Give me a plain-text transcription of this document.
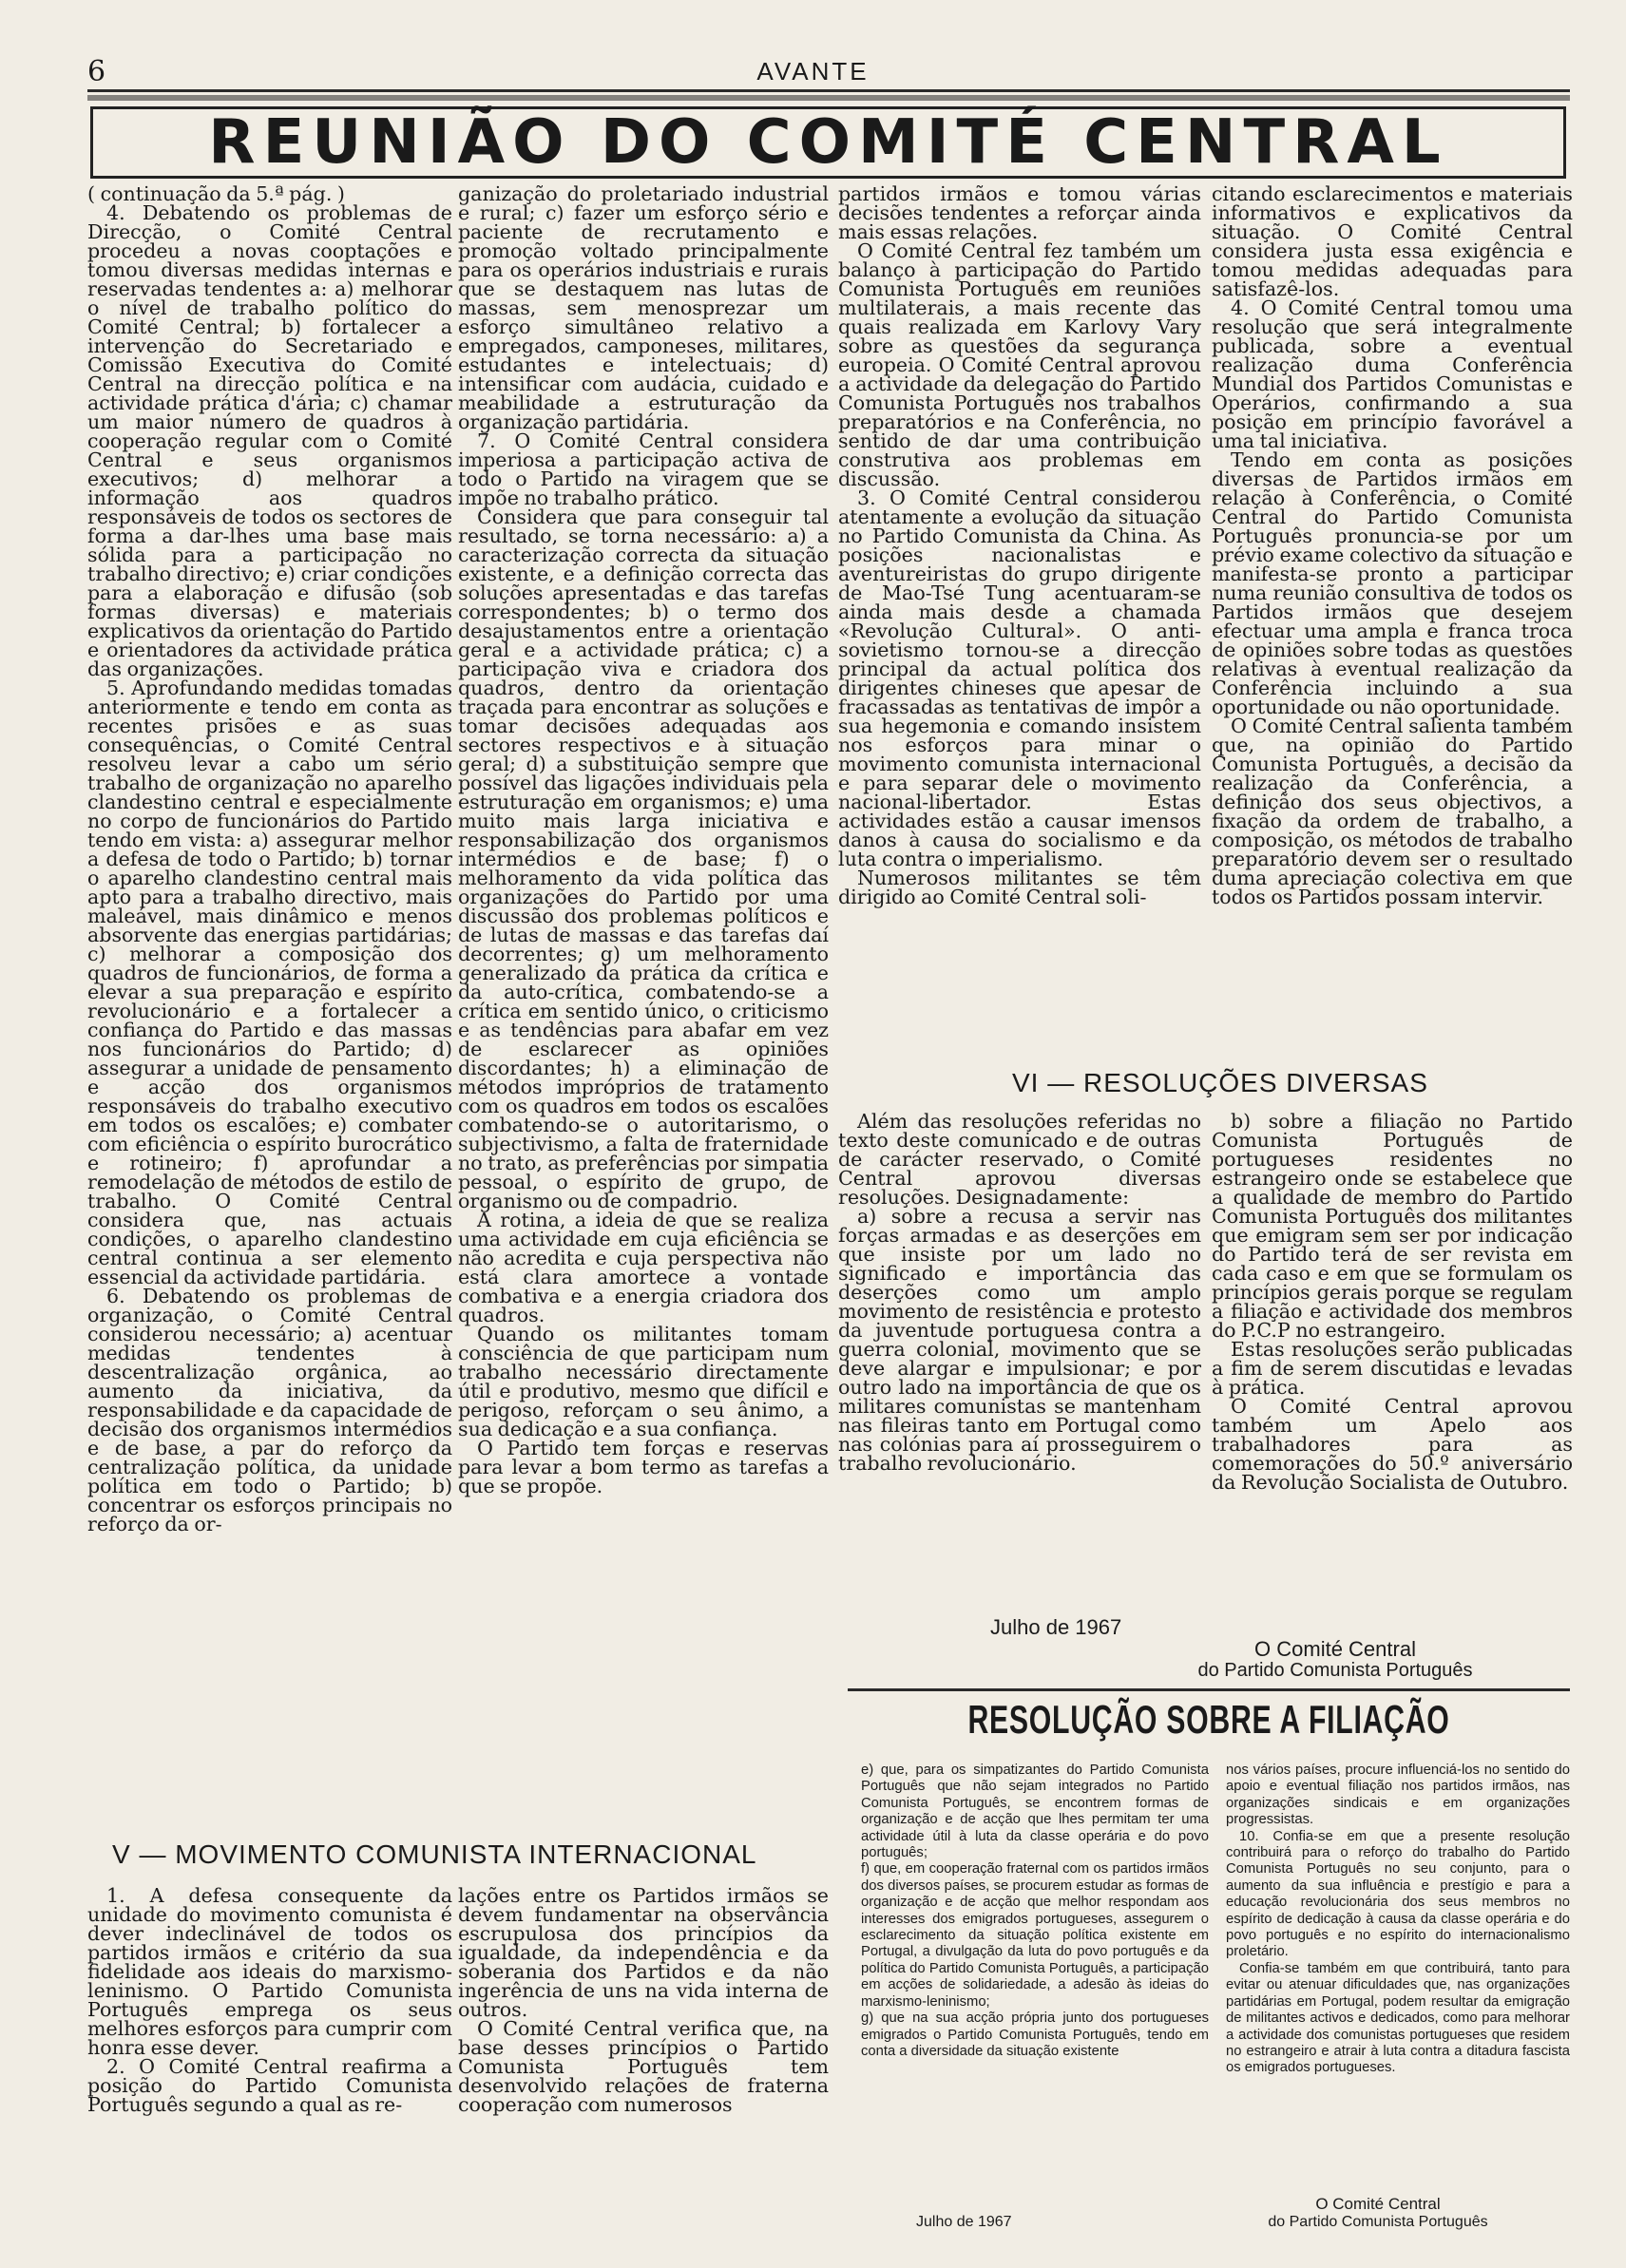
6	AVANTE
REUNIÃO DO COMITÉ CENTRAL

( continuação da 5.ª pág. )

4. Debatendo os problemas de Direcção, o Comité Central procedeu a novas cooptações e tomou diversas medidas internas e reservadas tendentes a: a) melhorar o nível de trabalho político do Comité Central; b) fortalecer a intervenção do Secretariado e Comissão Executiva do Comité Central na direcção política e na actividade prática d'ária; c) chamar um maior número de quadros à cooperação regular com o Comité Central e seus organismos executivos; d) melhorar a informação aos quadros responsáveis de todos os sectores de forma a dar-lhes uma base mais sólida para a participação no trabalho directivo; e) criar condições para a elaboração e difusão (sob formas diversas) e materiais explicativos da orientação do Partido e orientadores da actividade prática das organizações.

5. Aprofundando medidas tomadas anteriormente e tendo em conta as recentes prisões e as suas consequências, o Comité Central resolveu levar a cabo um sério trabalho de organização no aparelho clandestino central e especialmente no corpo de funcionários do Partido tendo em vista: a) assegurar melhor a defesa de todo o Partido; b) tornar o aparelho clandestino central mais apto para a trabalho directivo, mais maleável, mais dinâmico e menos absorvente das energias partidárias; c) melhorar a composição dos quadros de funcionários, de forma a elevar a sua preparação e espírito revolucionário e a fortalecer a confiança do Partido e das massas nos funcionários do Partido; d) assegurar a unidade de pensamento e acção dos organismos responsáveis do trabalho executivo em todos os escalões; e) combater com eficiência o espírito burocrático e rotineiro; f) aprofundar a remodelação de métodos de estilo de trabalho. O Comité Central considera que, nas actuais condições, o aparelho clandestino central continua a ser elemento essencial da actividade partidária.

6. Debatendo os problemas de organização, o Comité Central considerou necessário; a) acentuar medidas tendentes à descentralização orgânica, ao aumento da iniciativa, da responsabilidade e da capacidade de decisão dos organismos intermédios e de base, a par do reforço da centralização política, da unidade política em todo o Partido; b) concentrar os esforços principais no reforço da or-

ganização do proletariado industrial e rural; c) fazer um esforço sério e paciente de recrutamento e promoção voltado principalmente para os operários industriais e rurais que se destaquem nas lutas de massas, sem menosprezar um esforço simultâneo relativo a empregados, camponeses, militares, estudantes e intelectuais; d) intensificar com audácia, cuidado e meabilidade a estruturação da organização partidária.

7. O Comité Central considera imperiosa a participação activa de todo o Partido na viragem que se impõe no trabalho prático.

Considera que para conseguir tal resultado, se torna necessário: a) a caracterização correcta da situação existente, e a definição correcta das soluções apresentadas e das tarefas correspondentes; b) o termo dos desajustamentos entre a orientação geral e a actividade prática; c) a participação viva e criadora dos quadros, dentro da orientação traçada para encontrar as soluções e tomar decisões adequadas aos sectores respectivos e à situação geral; d) a substituição sempre que possível das ligações individuais pela estruturação em organismos; e) uma muito mais larga iniciativa e responsabilização dos organismos intermédios e de base; f) o melhoramento da vida política das organizações do Partido por uma discussão dos problemas políticos e de lutas de massas e das tarefas daí decorrentes; g) um melhoramento generalizado da prática da crítica e da auto-crítica, combatendo-se a crítica em sentido único, o criticismo e as tendências para abafar em vez de esclarecer as opiniões discordantes; h) a eliminação de métodos impróprios de tratamento com os quadros em todos os escalões combatendo-se o autoritarismo, o subjectivismo, a falta de fraternidade no trato, as preferências por simpatia pessoal, o espírito de grupo, de organismo ou de compadrio.

A rotina, a ideia de que se realiza uma actividade em cuja eficiência se não acredita e cuja perspectiva não está clara amortece a vontade combativa e a energia criadora dos quadros.

Quando os militantes tomam consciência de que participam num trabalho necessário directamente útil e produtivo, mesmo que difícil e perigoso, reforçam o seu ânimo, a sua dedicação e a sua confiança.

O Partido tem forças e reservas para levar a bom termo as tarefas a que se propõe.

partidos irmãos e tomou várias decisões tendentes a reforçar ainda mais essas relações.

O Comité Central fez também um balanço à participação do Partido Comunista Português em reuniões multilaterais, a mais recente das quais realizada em Karlovy Vary sobre as questões da segurança europeia. O Comité Central aprovou a actividade da delegação do Partido Comunista Português nos trabalhos preparatórios e na Conferência, no sentido de dar uma contribuição construtiva aos problemas em discussão.

3. O Comité Central considerou atentamente a evolução da situação no Partido Comunista da China. As posições nacionalistas e aventureiristas do grupo dirigente de Mao-Tsé Tung acentuaram-se ainda mais desde a chamada «Revolução Cultural». O anti-sovietismo tornou-se a direcção principal da actual política dos dirigentes chineses que apesar de fracassadas as tentativas de impôr a sua hegemonia e comando insistem nos esforços para minar o movimento comunista internacional e para separar dele o movimento nacional-libertador. Estas actividades estão a causar imensos danos à causa do socialismo e da luta contra o imperialismo.

Numerosos militantes se têm dirigido ao Comité Central soli-

citando esclarecimentos e materiais informativos e explicativos da situação. O Comité Central considera justa essa exigência e tomou medidas adequadas para satisfazê-los.

4. O Comité Central tomou uma resolução que será integralmente publicada, sobre a eventual realização duma Conferência Mundial dos Partidos Comunistas e Operários, confirmando a sua posição em princípio favorável a uma tal iniciativa.

Tendo em conta as posições diversas de Partidos irmãos em relação à Conferência, o Comité Central do Partido Comunista Português pronuncia-se por um prévio exame colectivo da situação e manifesta-se pronto a participar numa reunião consultiva de todos os Partidos irmãos que desejem efectuar uma ampla e franca troca de opiniões sobre todas as questões relativas à eventual realização da Conferência incluindo a sua oportunidade ou não oportunidade.

O Comité Central salienta também que, na opinião do Partido Comunista Português, a decisão da realização da Conferência, a definição dos seus objectivos, a fixação da ordem de trabalho, a composição, os métodos de trabalho preparatório devem ser o resultado duma apreciação colectiva em que todos os Partidos possam intervir.

V — MOVIMENTO COMUNISTA INTERNACIONAL

1. A defesa consequente da unidade do movimento comunista é dever indeclinável de todos os partidos irmãos e critério da sua fidelidade aos ideais do marxismo-leninismo. O Partido Comunista Português emprega os seus melhores esforços para cumprir com honra esse dever.

2. O Comité Central reafirma a posição do Partido Comunista Português segundo a qual as re-

lações entre os Partidos irmãos se devem fundamentar na observância escrupulosa dos princípios da igualdade, da independência e da soberania dos Partidos e da não ingerência de uns na vida interna de outros.

O Comité Central verifica que, na base desses princípios o Partido Comunista Português tem desenvolvido relações de fraterna cooperação com numerosos

VI — RESOLUÇÕES DIVERSAS

Além das resoluções referidas no texto deste comunicado e de outras de carácter reservado, o Comité Central aprovou diversas resoluções. Designadamente:

a) sobre a recusa a servir nas forças armadas e as deserções em que insiste por um lado no significado e importância das deserções como um amplo movimento de resistência e protesto da juventude portuguesa contra a guerra colonial, movimento que se deve alargar e impulsionar; e por outro lado na importância de que os militares comunistas se mantenham nas fileiras tanto em Portugal como nas colónias para aí prosseguirem o trabalho revolucionário.

b) sobre a filiação no Partido Comunista Português de portugueses residentes no estrangeiro onde se estabelece que a qualidade de membro do Partido Comunista Português dos militantes que emigram sem ser por indicação do Partido terá de ser revista em cada caso e em que se formulam os princípios gerais porque se regulam a filiação e actividade dos membros do P.C.P no estrangeiro.

Estas resoluções serão publicadas a fim de serem discutidas e levadas à prática.

O Comité Central aprovou também um Apelo aos trabalhadores para as comemorações do 50.º aniversário da Revolução Socialista de Outubro.

Julho de 1967
O Comité Central
do Partido Comunista Português
RESOLUÇÃO SOBRE A FILIAÇÃO

e) que, para os simpatizantes do Partido Comunista Português que não sejam integrados no Partido Comunista Português, se encontrem formas de organização e de acção que lhes permitam ter uma actividade útil à luta da classe operária e do povo português;

f) que, em cooperação fraternal com os partidos irmãos dos diversos países, se procurem estudar as formas de organização e de acção que melhor respondam aos interesses dos emigrados portugueses, assegurem o esclarecimento da situação política existente em Portugal, a divulgação da luta do povo português e da política do Partido Comunista Português, a participação em acções de solidariedade, a adesão às ideias do marxismo-leninismo;

g) que na sua acção própria junto dos portugueses emigrados o Partido Comunista Português, tendo em conta a diversidade da situação existente

nos vários países, procure influenciá-los no sentido do apoio e eventual filiação nos partidos irmãos, nas organizações sindicais e em organizações progressistas.

10. Confia-se em que a presente resolução contribuirá para o reforço do trabalho do Partido Comunista Português no seu conjunto, para o aumento da sua influência e prestígio e para a educação revolucionária dos seus membros no espírito de dedicação à causa da classe operária e do povo português e no espírito do internacionalismo proletário.

Confia-se também em que contribuirá, tanto para evitar ou atenuar dificuldades que, nas organizações partidárias em Portugal, podem resultar da emigração de militantes activos e dedicados, como para melhorar a actividade dos comunistas portugueses que residem no estrangeiro e atrair à luta contra a ditadura fascista os emigrados portugueses.

Julho de 1967
O Comité Central
do Partido Comunista Português
